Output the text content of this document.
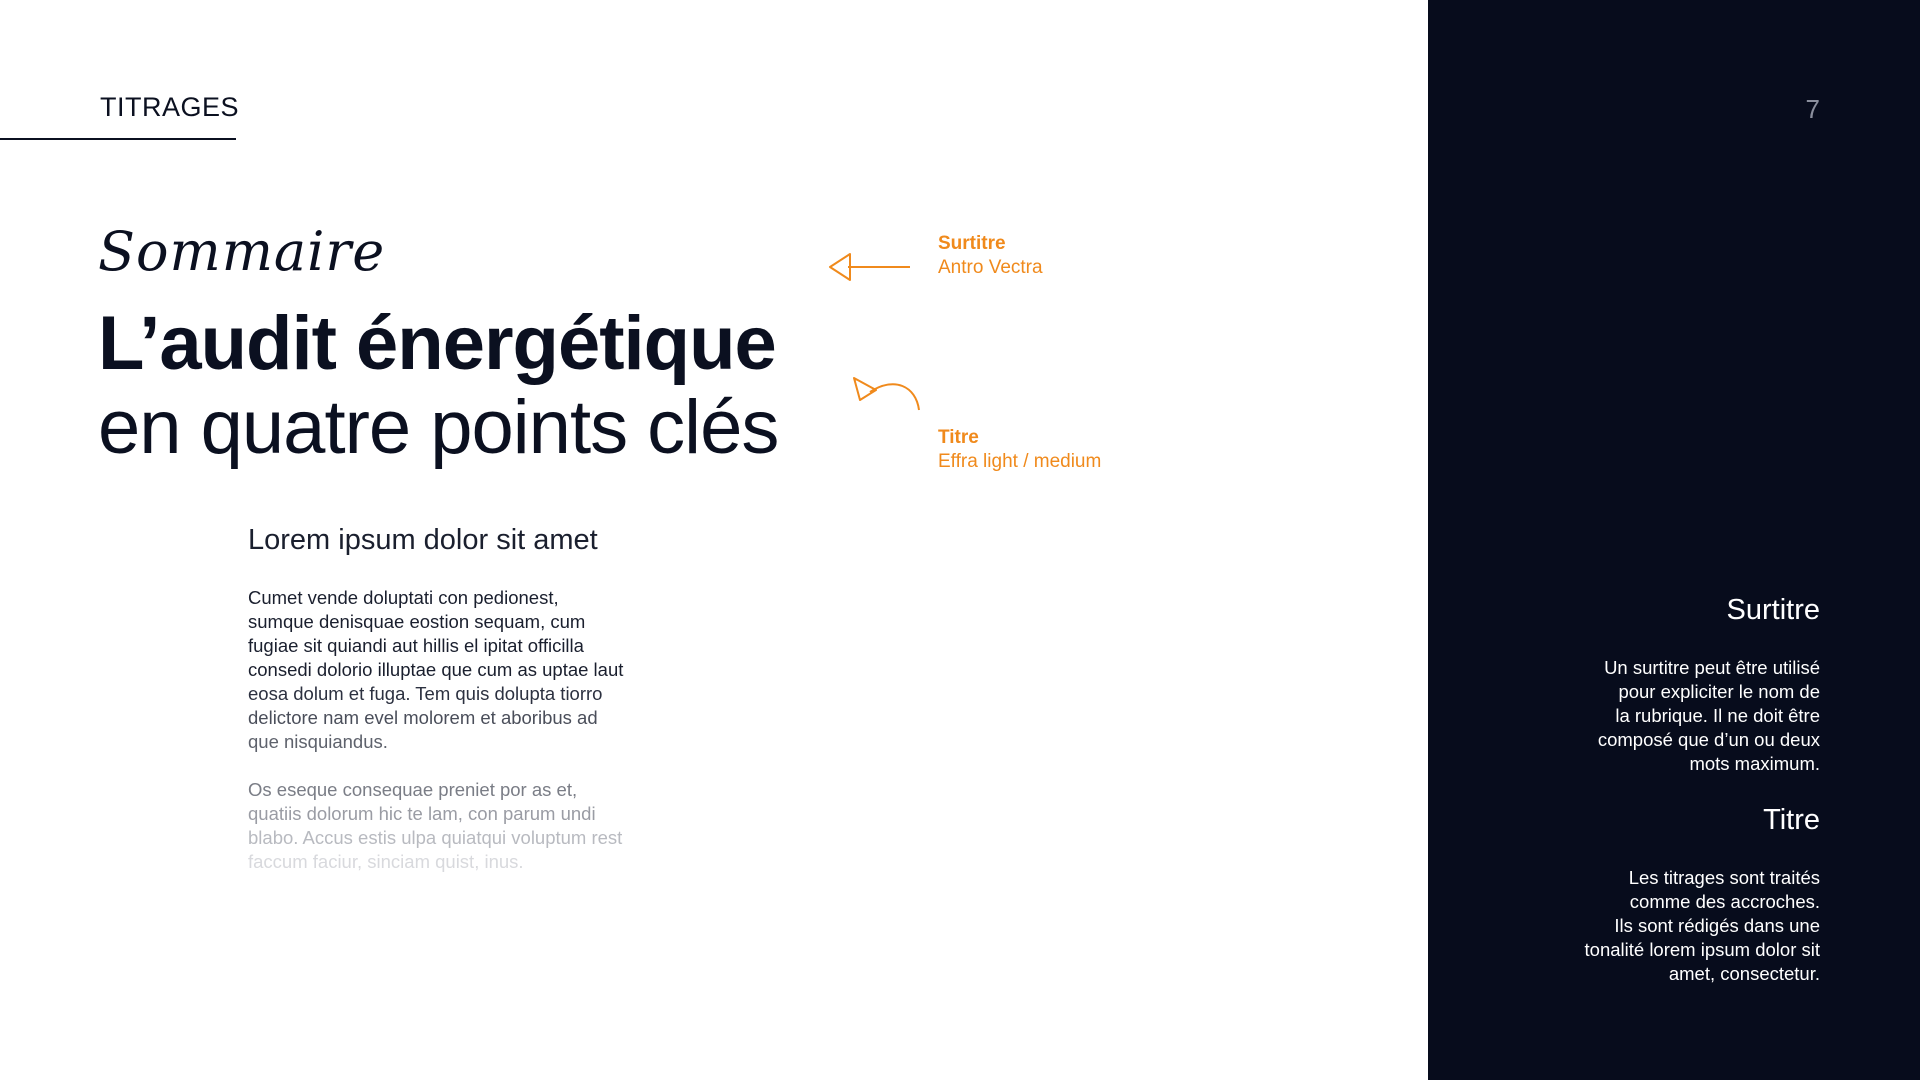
TITRAGES
Sommaire
L’audit énergétique
en quatre points clés
Lorem ipsum dolor sit amet
Cumet vende doluptati con pedionest,
sumque denisquae eostion sequam, cum
fugiae sit quiandi aut hillis el ipitat officilla
consedi dolorio illuptae que cum as uptae laut
eosa dolum et fuga. Tem quis dolupta tiorro
delictore nam evel molorem et aboribus ad
que nisquiandus.
Os eseque consequae preniet por as et,
quatiis dolorum hic te lam, con parum undi
blabo. Accus estis ulpa quiatqui voluptum rest
faccum faciur, sinciam quist, inus.
Surtitre
Antro Vectra
Titre
Effra light / medium
7
Surtitre
Un surtitre peut être utilisé
pour expliciter le nom de
la rubrique. Il ne doit être
composé que d’un ou deux
mots maximum.
Titre
Les titrages sont traités
comme des accroches.
Ils sont rédigés dans une
tonalité lorem ipsum dolor sit
amet, consectetur.
